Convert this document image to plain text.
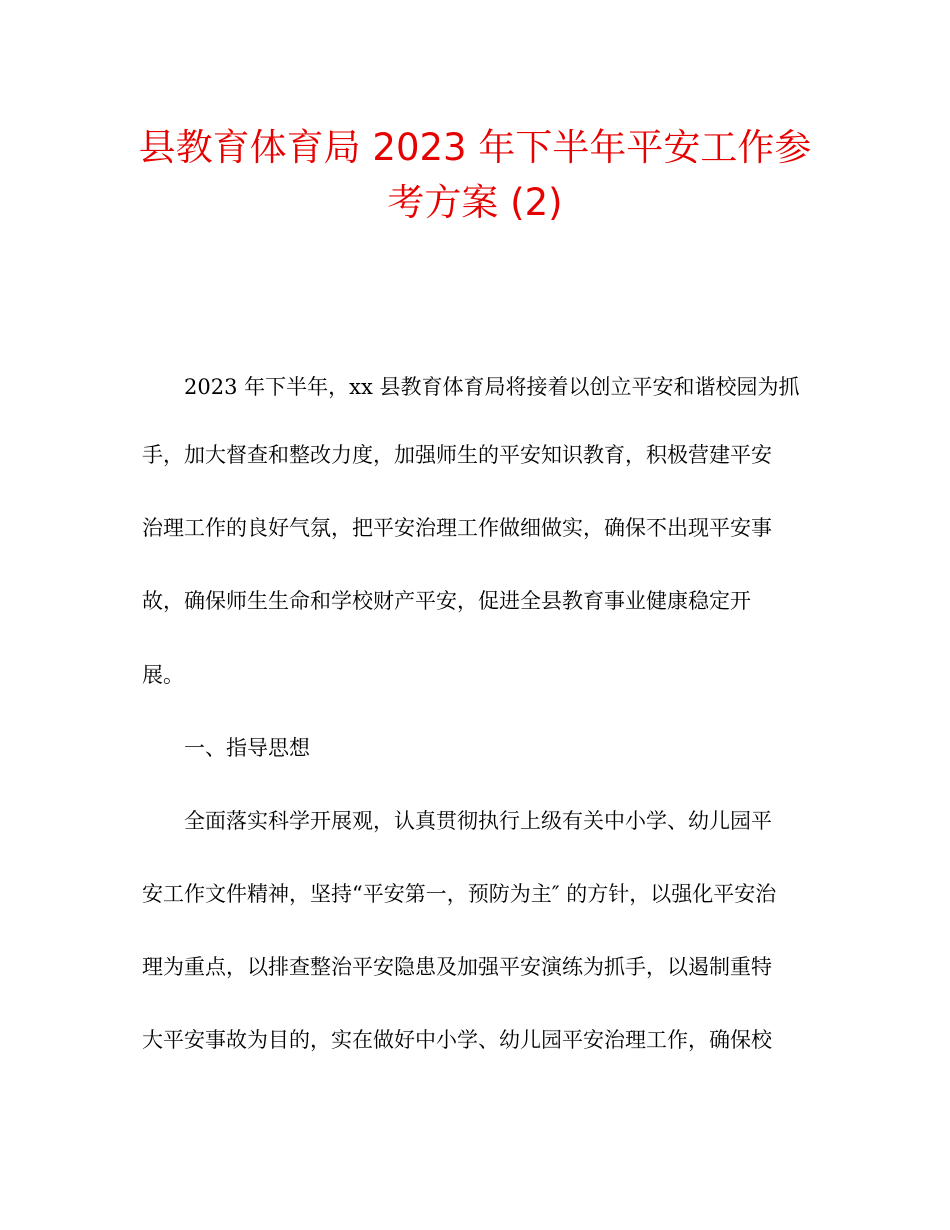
县教育体育局 2023 年下半年平安工作参
考方案 (2)
2023 年下半年，xx 县教育体育局将接着以创立平安和谐校园为抓
手，加大督查和整改力度，加强师生的平安知识教育，积极营建平安
治理工作的良好气氛，把平安治理工作做细做实，确保不出现平安事
故，确保师生生命和学校财产平安，促进全县教育事业健康稳定开
展。
一、指导思想
全面落实科学开展观，认真贯彻执行上级有关中小学、幼儿园平
安工作文件精神，坚持“平安第一，预防为主″ 的方针，以强化平安治
理为重点，以排查整治平安隐患及加强平安演练为抓手，以遏制重特
大平安事故为目的，实在做好中小学、幼儿园平安治理工作，确保校
